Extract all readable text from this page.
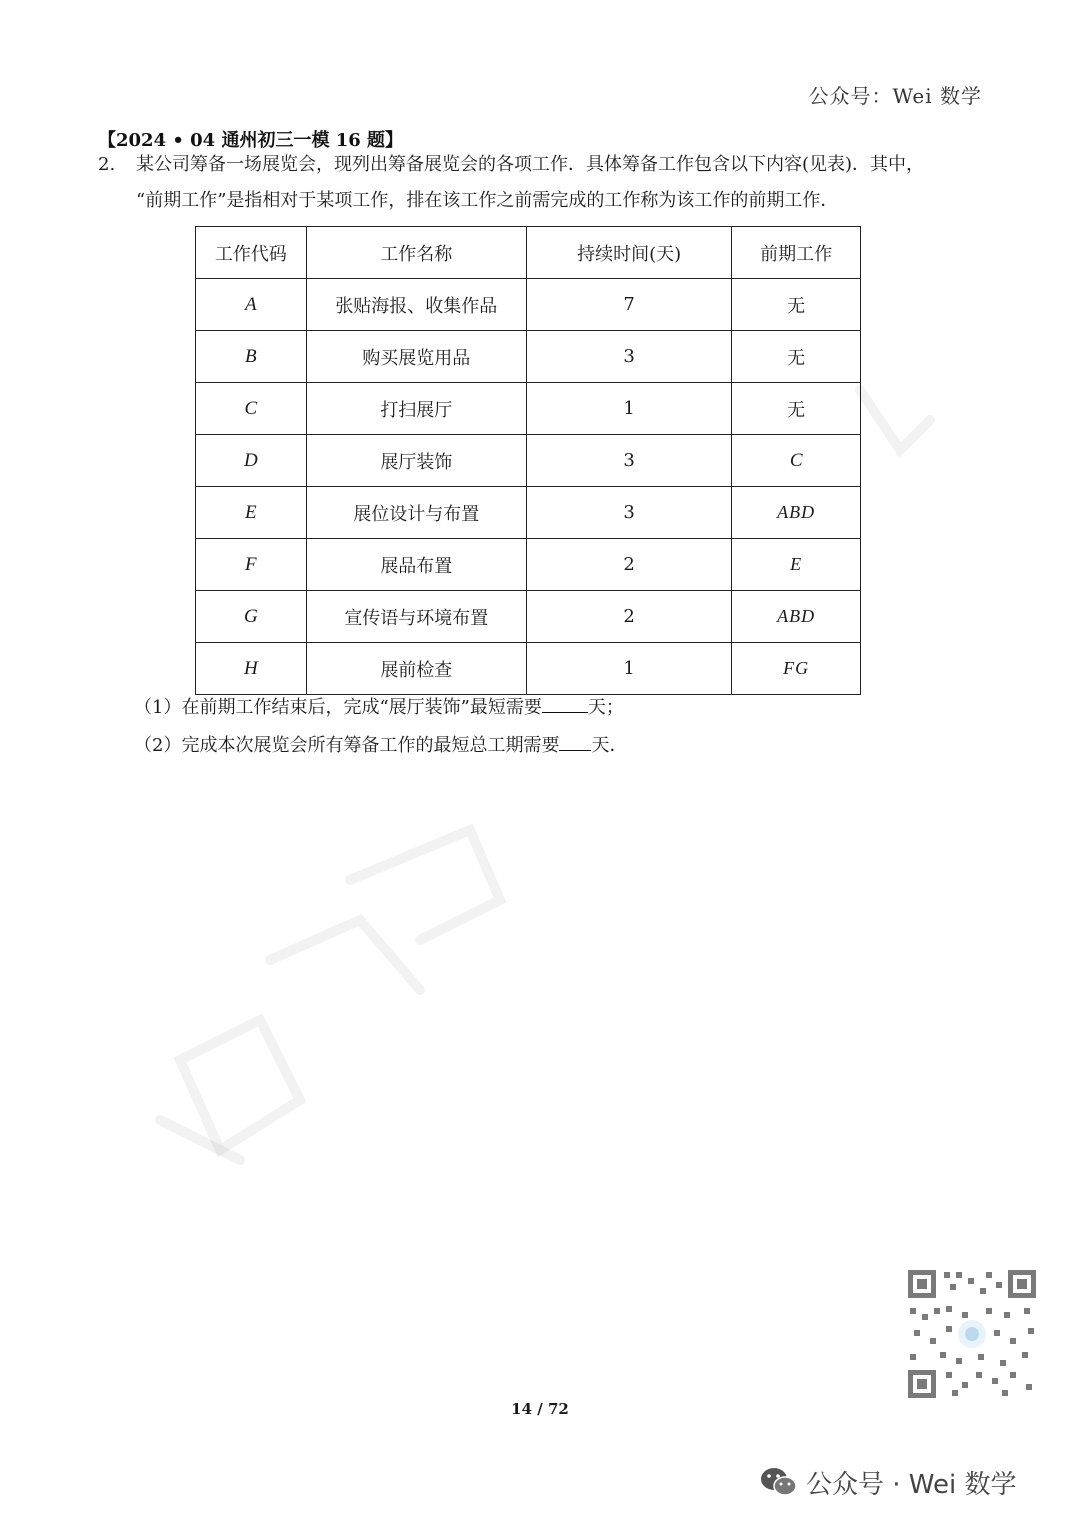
公众号：Wei 数学
【2024 • 04 通州初三一模 16 题】
2. 某公司筹备一场展览会，现列出筹备展览会的各项工作．具体筹备工作包含以下内容(见表)．其中，
“前期工作”是指相对于某项工作，排在该工作之前需完成的工作称为该工作的前期工作．
工作代码	工作名称	持续时间(天)	前期工作
A	张贴海报、收集作品	7	无
B	购买展览用品	3	无
C	打扫展厅	1	无
D	展厅装饰	3	C
E	展位设计与布置	3	ABD
F	展品布置	2	E
G	宣传语与环境布置	2	ABD
H	展前检查	1	FG
（1）在前期工作结束后，完成“展厅装饰”最短需要	天；
（2）完成本次展览会所有筹备工作的最短总工期需要 天．
14 / 72
公众号 · Wei 数学
